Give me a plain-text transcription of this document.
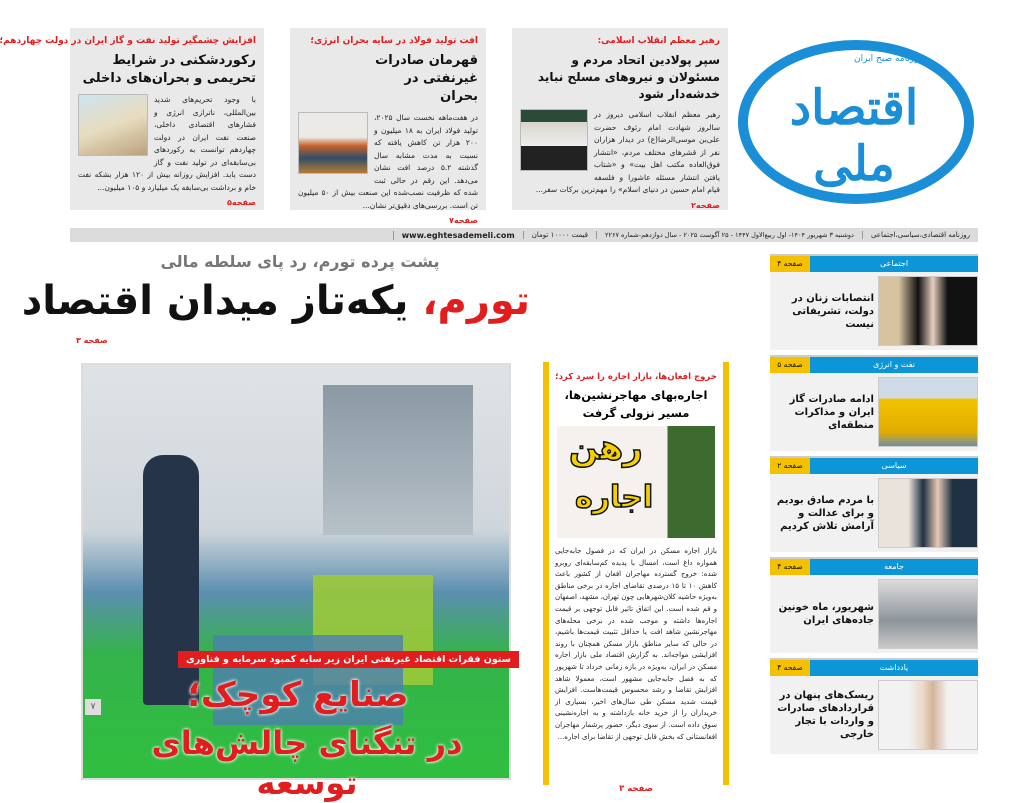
افزایش چشمگیر تولید نفت و گاز ایران در دولت چهاردهم؛
رکوردشکنی در شرایط تحریمی و بحران‌های داخلی
با وجود تحریم‌های شدید بین‌المللی، ناترازی انرژی و فشارهای اقتصادی داخلی، صنعت نفت ایران در دولت چهاردهم توانست به رکوردهای بی‌سابقه‌ای در تولید نفت و گاز دست یابد. افزایش روزانه بیش از ۱۲۰ هزار بشکه نفت خام و برداشت بی‌سابقه یک میلیارد و ۱۰۵ میلیون...
صفحه۵
افت تولید فولاد در سایه بحران انرژی؛
قهرمان صادرات غیرنفتی در بحران
در هفت‌ماهه نخست سال ۲۰۲۵، تولید فولاد ایران به ۱۸ میلیون و ۲۰۰ هزار تن کاهش یافته که نسبت به مدت مشابه سال گذشته ۵.۲ درصد افت نشان می‌دهد. این رقم در حالی ثبت شده که ظرفیت نصب‌شده این صنعت بیش از ۵۰ میلیون تن است. بررسی‌های دقیق‌تر نشان...
صفحه۷
رهبر معظم انقلاب اسلامی:
سپر پولادین اتحاد مردم و مسئولان و نیروهای مسلح نباید خدشه‌دار شود
رهبر معظم انقلاب اسلامی دیروز در سالروز شهادت امام رئوف حضرت علی‌بن موسی‌الرضا(ع) در دیدار هزاران نفر از قشرهای مختلف مردم، «انتشار فوق‌العاده مکتب اهل بیت» و «شتاب یافتن انتشار مسئله عاشورا و فلسفه قیام امام حسین در دنیای اسلام» را مهم‌ترین برکات سفر...
صفحه۲
روزنامه صبح ایران
اقتصاد ملی
روزنامه اقتصادی،سیاسی،اجتماعی
دوشنبه ۳ شهریور ۱۴۰۴- اول ربیع‌الاول ۱۴۴۷ - ۲۵ آگوست ۲۰۲۵ - سال دوازدهم-شماره ۲۲۶۷
قیمت ۱۰۰۰۰ تومان
www.eghtesademeli.com
پشت پرده تورم، رد پای سلطه مالی
تورم، یکه‌تاز میدان اقتصاد
صفحه ۳
ستون فقرات اقتصاد غیرنفتی ایران زیر سایه کمبود سرمایه و فناوری
صنایع کوچک؛
در تنگنای چالش‌های توسعه
۷
خروج افغان‌ها، بازار اجاره را سرد کرد؛
اجاره‌بهای مهاجرنشین‌ها، مسیر نزولی گرفت
رهن
اجاره
بازار اجاره مسکن در ایران که در فصول جابه‌جایی همواره داغ است، امسال با پدیده کم‌سابقه‌ای روبرو شده: خروج گسترده مهاجران افغان از کشور باعث کاهش ۱۰ تا ۱۵ درصدی تقاضای اجاره در برخی مناطق به‌ویژه حاشیه کلان‌شهرهایی چون تهران، مشهد، اصفهان و قم شده است. این اتفاق تاثیر قابل توجهی بر قیمت اجاره‌ها داشته و موجب شده در برخی محله‌های مهاجرنشین شاهد افت یا حداقل تثبیت قیمت‌ها باشیم، در حالی که سایر مناطق بازار مسکن همچنان با روند افزایشی مواجه‌اند. به گزارش اقتصاد ملی بازار اجاره مسکن در ایران، به‌ویژه در بازه زمانی خرداد تا شهریور که به فصل جابه‌جایی مشهور است، معمولا شاهد افزایش تقاضا و رشد محسوس قیمت‌هاست. افزایش قیمت شدید مسکن طی سال‌های اخیر، بسیاری از خریداران را از خرید خانه بازداشته و به اجاره‌نشینی سوق داده است. از سوی دیگر، حضور پرشمار مهاجران افغانستانی که بخش قابل توجهی از تقاضا برای اجاره...
صفحه ۳
اجتماعی
صفحه ۴
انتصابات زنان در دولت، تشریفاتی نیست
نفت و انرژی
صفحه ۵
ادامه صادرات گاز ایران و مذاکرات منطقه‌ای
سیاسی
صفحه ۲
با مردم صادق بودیم و برای عدالت و آرامش تلاش کردیم
جامعه
صفحه ۴
شهریور، ماه خونین جاده‌های ایران
یادداشت
صفحه ۴
ریسک‌های پنهان در قراردادهای صادرات و واردات با تجار خارجی
